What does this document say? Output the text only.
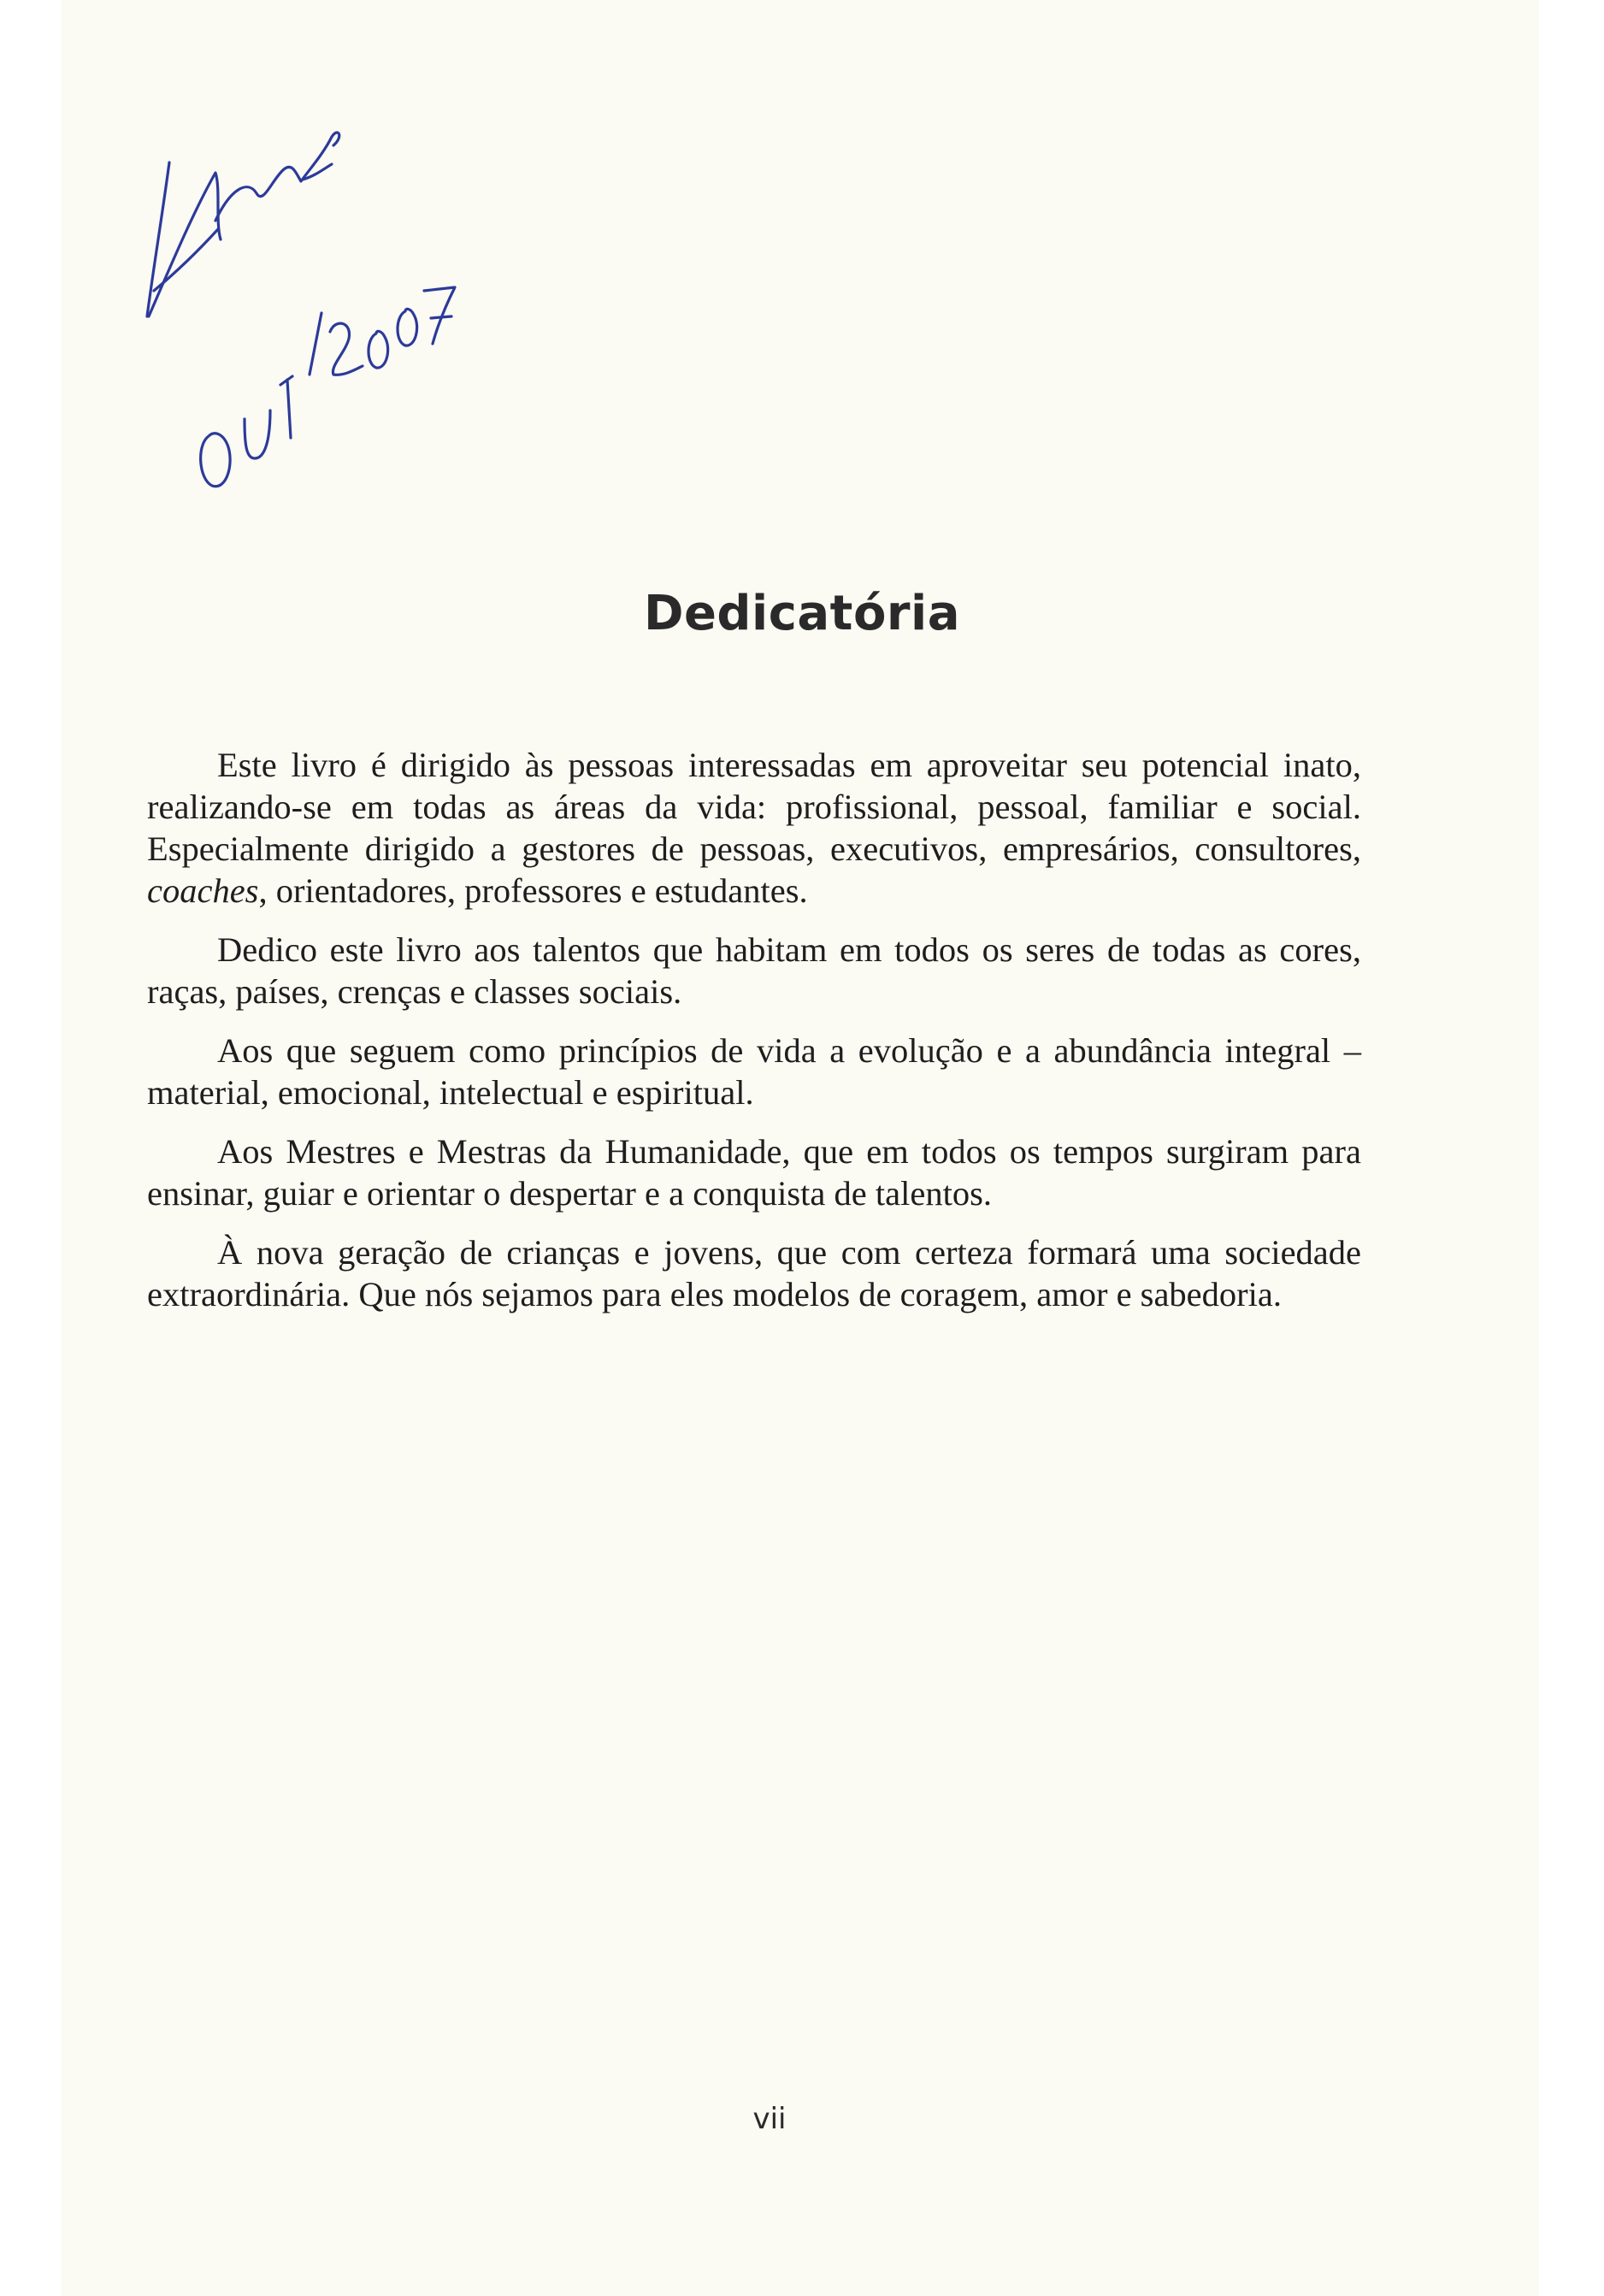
Dedicatória

Este livro é dirigido às pessoas interessadas em aproveitar seu potencial inato, realizando-se em todas as áreas da vida: profissional, pessoal, familiar e social. Especialmente dirigido a gestores de pessoas, executivos, empresários, consultores, coaches, orientadores, professores e estudantes.

Dedico este livro aos talentos que habitam em todos os seres de todas as cores, raças, países, crenças e classes sociais.

Aos que seguem como princípios de vida a evolução e a abundância integral – material, emocional, intelectual e espiritual.

Aos Mestres e Mestras da Humanidade, que em todos os tempos surgiram para ensinar, guiar e orientar o despertar e a conquista de talentos.

À nova geração de crianças e jovens, que com certeza formará uma sociedade extraordinária. Que nós sejamos para eles modelos de coragem, amor e sabedoria.

vii
